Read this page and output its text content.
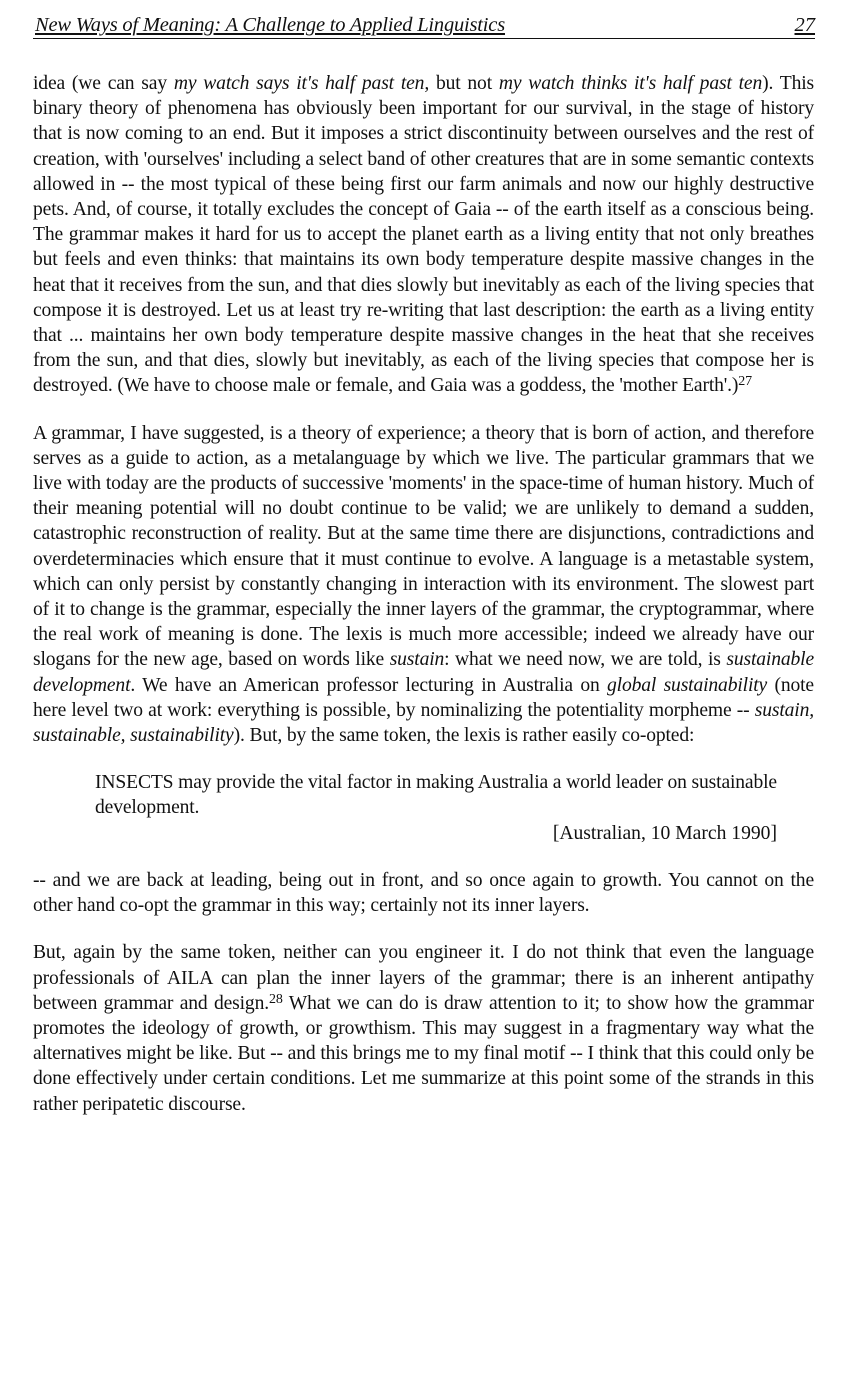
New Ways of Meaning: A Challenge to Applied Linguistics	27

idea (we can say my watch says it's half past ten, but not my watch thinks it's half past ten). This binary theory of phenomena has obviously been important for our survival, in the stage of history that is now coming to an end. But it imposes a strict discontinuity between ourselves and the rest of creation, with 'ourselves' including a select band of other creatures that are in some semantic contexts allowed in -- the most typical of these being first our farm animals and now our highly destructive pets. And, of course, it totally excludes the concept of Gaia -- of the earth itself as a conscious being. The grammar makes it hard for us to accept the planet earth as a living entity that not only breathes but feels and even thinks: that maintains its own body temperature despite massive changes in the heat that it receives from the sun, and that dies slowly but inevitably as each of the living species that compose it is destroyed. Let us at least try re-writing that last description: the earth as a living entity that ... maintains her own body temperature despite massive changes in the heat that she receives from the sun, and that dies, slowly but inevitably, as each of the living species that compose her is destroyed. (We have to choose male or female, and Gaia was a goddess, the 'mother Earth'.)$^{27}$

A grammar, I have suggested, is a theory of experience; a theory that is born of action, and therefore serves as a guide to action, as a metalanguage by which we live. The particular grammars that we live with today are the products of successive 'moments' in the space-time of human history. Much of their meaning potential will no doubt continue to be valid; we are unlikely to demand a sudden, catastrophic reconstruction of reality. But at the same time there are disjunctions, contradictions and overdeterminacies which ensure that it must continue to evolve. A language is a metastable system, which can only persist by constantly changing in interaction with its environment. The slowest part of it to change is the grammar, especially the inner layers of the grammar, the cryptogrammar, where the real work of meaning is done. The lexis is much more accessible; indeed we already have our slogans for the new age, based on words like sustain: what we need now, we are told, is sustainable development. We have an American professor lecturing in Australia on global sustainability (note here level two at work: everything is possible, by nominalizing the potentiality morpheme -- sustain, sustainable, sustainability). But, by the same token, the lexis is rather easily co-opted:

INSECTS may provide the vital factor in making Australia a world leader on sustainable development.

[Australian, 10 March 1990]

-- and we are back at leading, being out in front, and so once again to growth. You cannot on the other hand co-opt the grammar in this way; certainly not its inner layers.

But, again by the same token, neither can you engineer it. I do not think that even the language professionals of AILA can plan the inner layers of the grammar; there is an inherent antipathy between grammar and design.$^{28}$ What we can do is draw attention to it; to show how the grammar promotes the ideology of growth, or growthism. This may suggest in a fragmentary way what the alternatives might be like. But -- and this brings me to my final motif -- I think that this could only be done effectively under certain conditions. Let me summarize at this point some of the strands in this rather peripatetic discourse.
